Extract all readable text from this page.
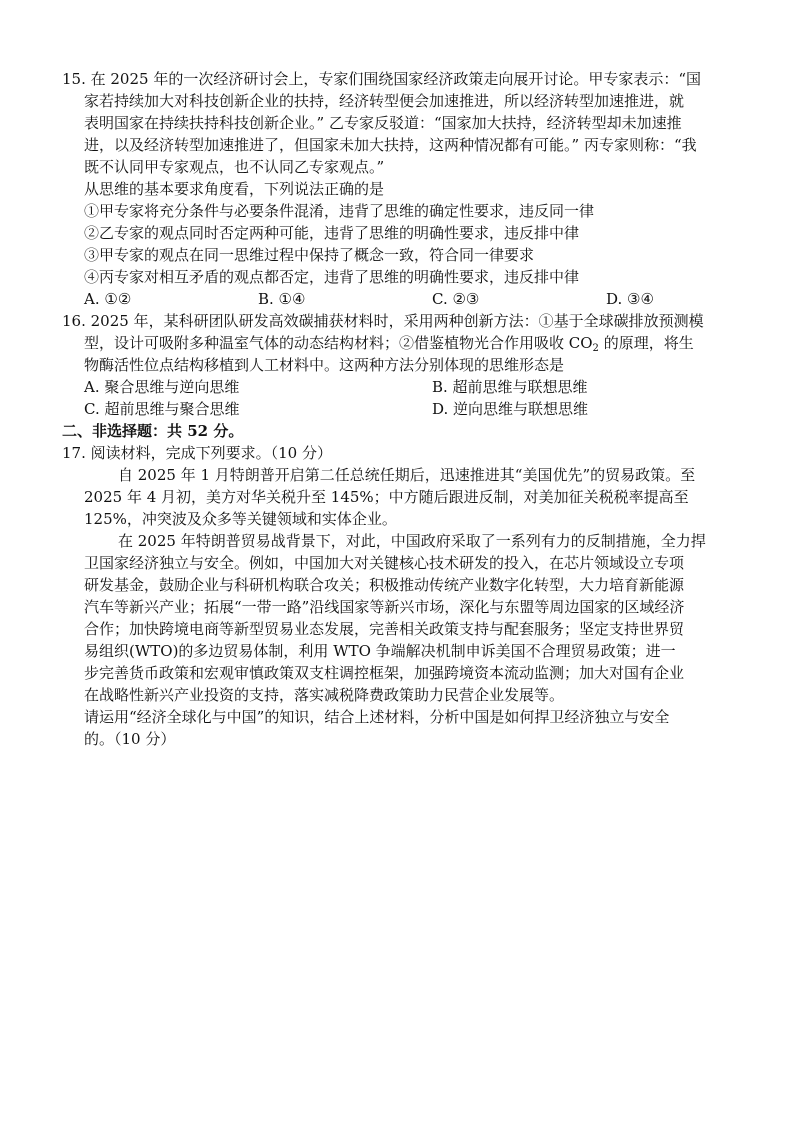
15. 在 2025 年的一次经济研讨会上，专家们围绕国家经济政策走向展开讨论。甲专家表示：“国
家若持续加大对科技创新企业的扶持，经济转型便会加速推进，所以经济转型加速推进，就
表明国家在持续扶持科技创新企业。” 乙专家反驳道：“国家加大扶持，经济转型却未加速推
进，以及经济转型加速推进了，但国家未加大扶持，这两种情况都有可能。” 丙专家则称：“我
既不认同甲专家观点，也不认同乙专家观点。”
从思维的基本要求角度看，下列说法正确的是
①甲专家将充分条件与必要条件混淆，违背了思维的确定性要求，违反同一律
②乙专家的观点同时否定两种可能，违背了思维的明确性要求，违反排中律
③甲专家的观点在同一思维过程中保持了概念一致，符合同一律要求
④丙专家对相互矛盾的观点都否定，违背了思维的明确性要求，违反排中律
A. ①②	B. ①④	C. ②③	D. ③④
16. 2025 年，某科研团队研发高效碳捕获材料时，采用两种创新方法：①基于全球碳排放预测模
型，设计可吸附多种温室气体的动态结构材料；②借鉴植物光合作用吸收 $CO_2$ 的原理，将生
物酶活性位点结构移植到人工材料中。这两种方法分别体现的思维形态是
A. 聚合思维与逆向思维	B. 超前思维与联想思维
C. 超前思维与聚合思维	D. 逆向思维与联想思维
二、非选择题：共 52 分。
17. 阅读材料，完成下列要求。（10 分）
自 2025 年 1 月特朗普开启第二任总统任期后，迅速推进其“美国优先”的贸易政策。至
2025 年 4 月初，美方对华关税升至 145%；中方随后跟进反制，对美加征关税税率提高至
125%，冲突波及众多等关键领域和实体企业。
在 2025 年特朗普贸易战背景下，对此，中国政府采取了一系列有力的反制措施，全力捍
卫国家经济独立与安全。例如，中国加大对关键核心技术研发的投入，在芯片领域设立专项
研发基金，鼓励企业与科研机构联合攻关；积极推动传统产业数字化转型，大力培育新能源
汽车等新兴产业；拓展“一带一路”沿线国家等新兴市场，深化与东盟等周边国家的区域经济
合作；加快跨境电商等新型贸易业态发展，完善相关政策支持与配套服务；坚定支持世界贸
易组织(WTO)的多边贸易体制，利用 WTO 争端解决机制申诉美国不合理贸易政策；进一
步完善货币政策和宏观审慎政策双支柱调控框架，加强跨境资本流动监测；加大对国有企业
在战略性新兴产业投资的支持，落实减税降费政策助力民营企业发展等。
请运用“经济全球化与中国”的知识，结合上述材料，分析中国是如何捍卫经济独立与安全
的。（10 分）
